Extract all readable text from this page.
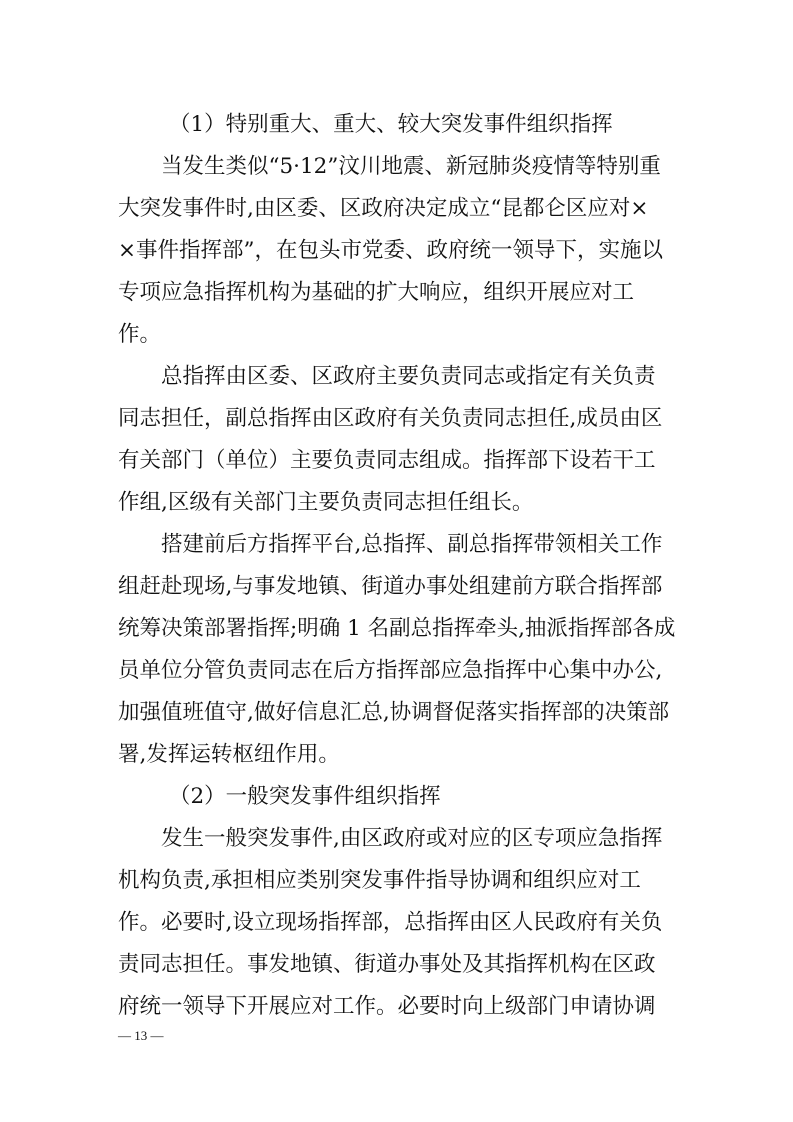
（1）特别重大、重大、较大突发事件组织指挥
当发生类似“5·12”汶川地震、新冠肺炎疫情等特别重
大突发事件时,由区委、区政府决定成立“昆都仑区应对×
×事件指挥部”，在包头市党委、政府统一领导下，实施以
专项应急指挥机构为基础的扩大响应，组织开展应对工
作。
总指挥由区委、区政府主要负责同志或指定有关负责
同志担任，副总指挥由区政府有关负责同志担任,成员由区
有关部门（单位）主要负责同志组成。指挥部下设若干工
作组,区级有关部门主要负责同志担任组长。
搭建前后方指挥平台,总指挥、副总指挥带领相关工作
组赶赴现场,与事发地镇、街道办事处组建前方联合指挥部
统筹决策部署指挥;明确 1 名副总指挥牵头,抽派指挥部各成
员单位分管负责同志在后方指挥部应急指挥中心集中办公,
加强值班值守,做好信息汇总,协调督促落实指挥部的决策部
署,发挥运转枢纽作用。
（2）一般突发事件组织指挥
发生一般突发事件,由区政府或对应的区专项应急指挥
机构负责,承担相应类别突发事件指导协调和组织应对工
作。必要时,设立现场指挥部，总指挥由区人民政府有关负
责同志担任。事发地镇、街道办事处及其指挥机构在区政
府统一领导下开展应对工作。必要时向上级部门申请协调
— 13 —
